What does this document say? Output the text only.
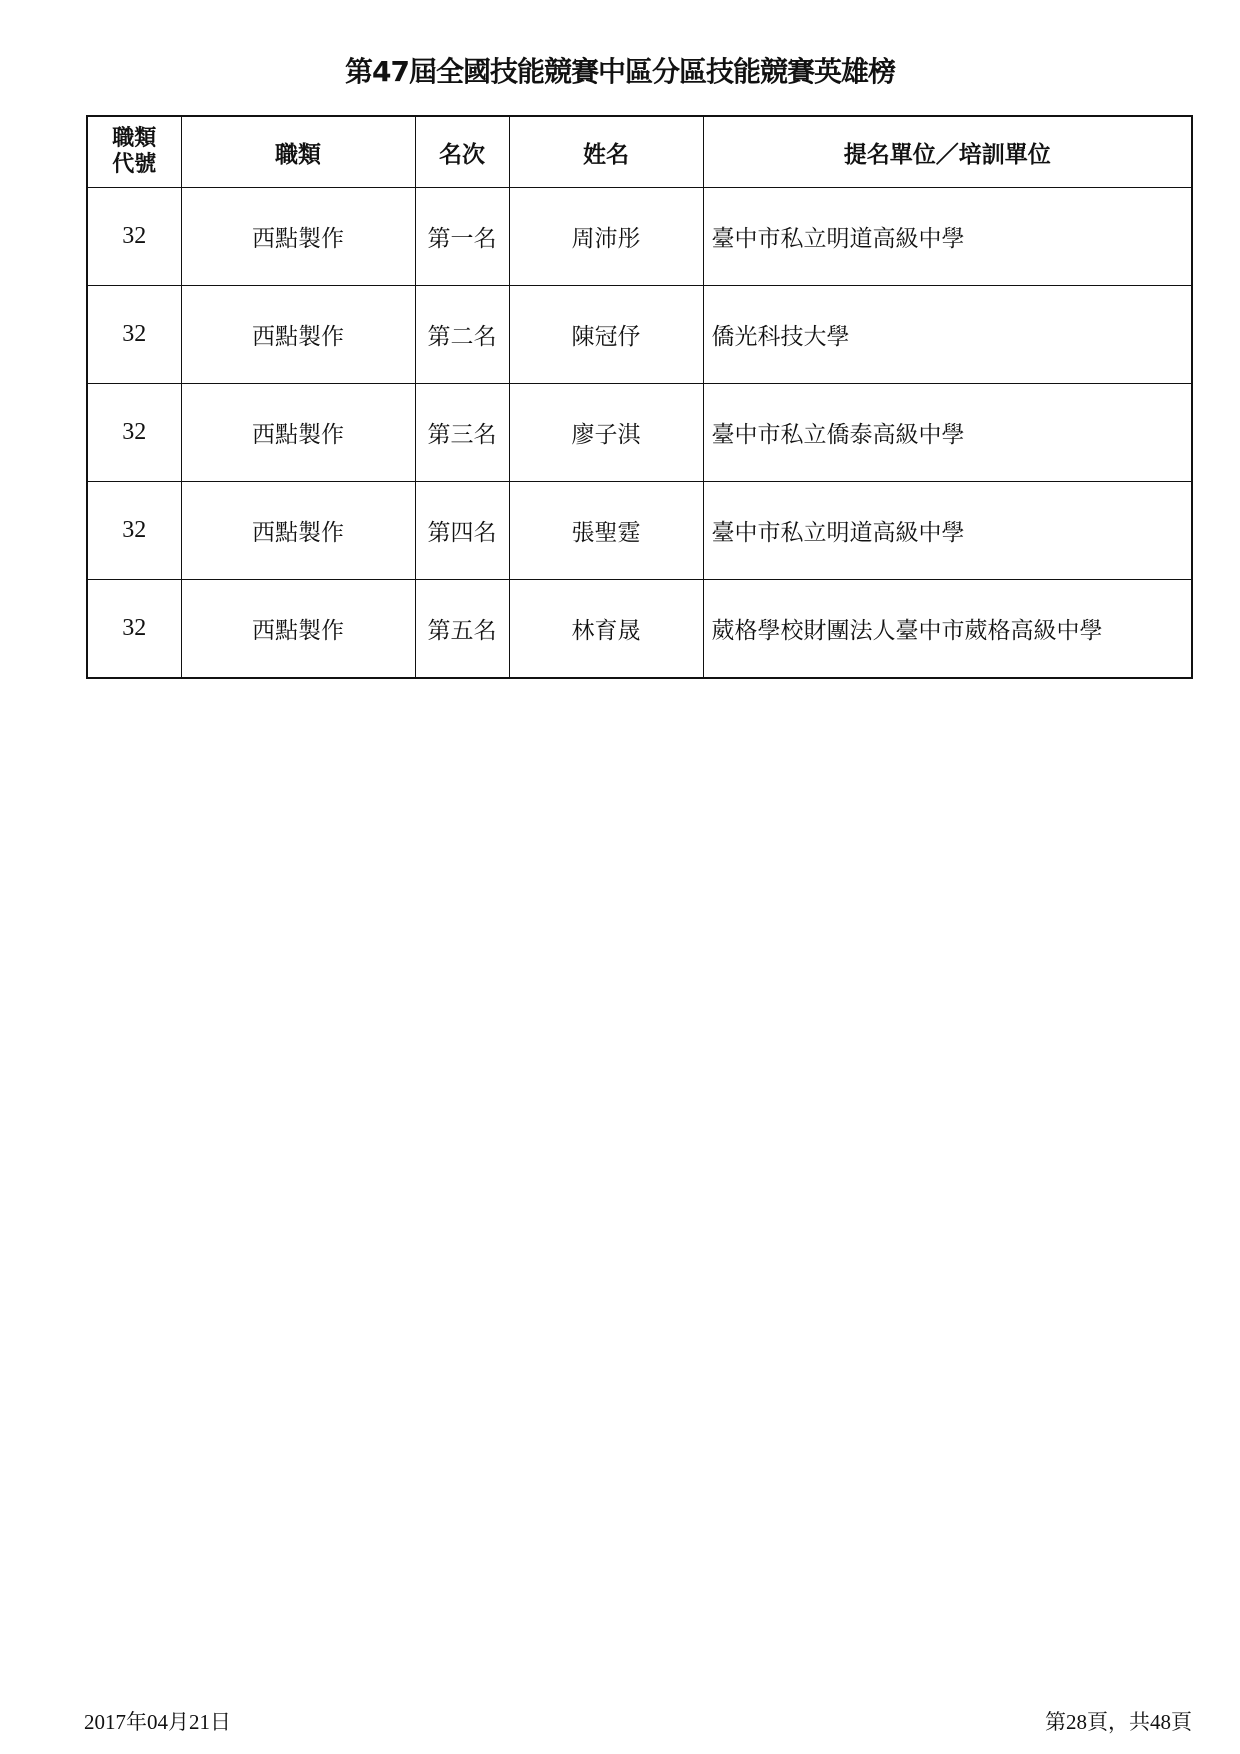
第47屆全國技能競賽中區分區技能競賽英雄榜
職類
代號	職類	名次	姓名	提名單位／培訓單位
32	西點製作	第一名	周沛彤	臺中市私立明道高級中學
32	西點製作	第二名	陳冠伃	僑光科技大學
32	西點製作	第三名	廖子淇	臺中市私立僑泰高級中學
32	西點製作	第四名	張聖霆	臺中市私立明道高級中學
32	西點製作	第五名	林育晟	葳格學校財團法人臺中市葳格高級中學
2017年04月21日	第28頁，共48頁
